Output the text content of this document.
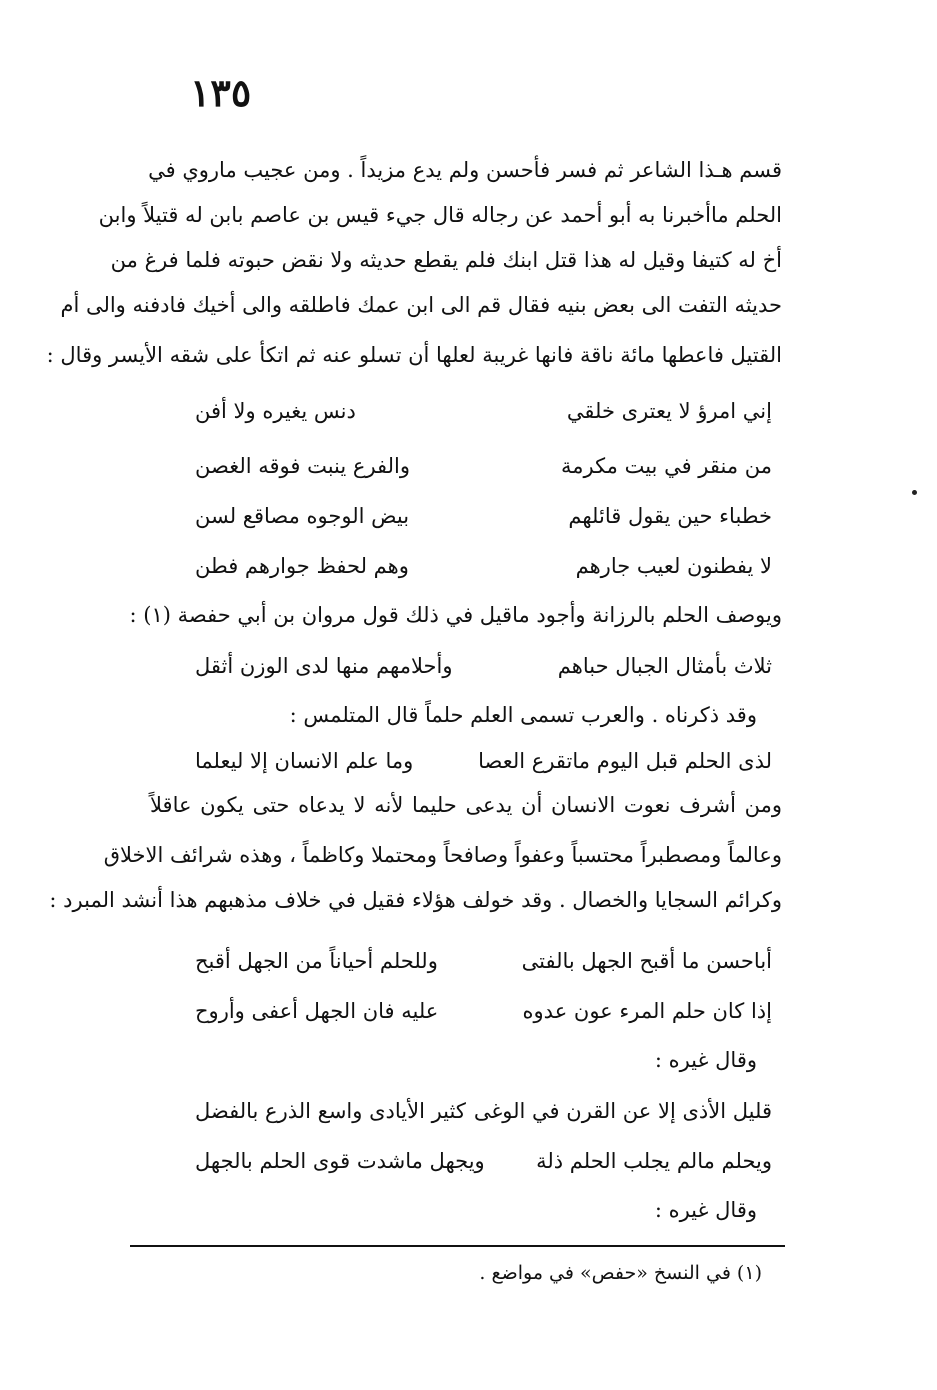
١٣٥
قسم هـذا الشاعر ثم فسر فأحسن ولم يدع مزيداً . ومن عجيب ماروي في
الحلم ماأخبرنا به أبو أحمد عن رجاله قال جيء قيس بن عاصم بابن له قتيلاً وابن
أخ له كتيفا وقيل له هذا قتل ابنك فلم يقطع حديثه ولا نقض حبوته فلما فرغ من
حديثه التفت الى بعض بنيه فقال قم الى ابن عمك فاطلقه والى أخيك فادفنه والى أم
القتيل فاعطها مائة ناقة فانها غريبة لعلها أن تسلو عنه ثم اتكأ على شقه الأيسر وقال :
إني امرؤ لا يعترى خلقي
دنس يغيره ولا أفن
من منقر في بيت مكرمة
والفرع ينبت فوقه الغصن
خطباء حين يقول قائلهم
بيض الوجوه مصاقع لسن
لا يفطنون لعيب جارهم
وهم لحفظ جوارهم فطن
ويوصف الحلم بالرزانة وأجود ماقيل في ذلك قول مروان بن أبي حفصة (١) :
ثلاث بأمثال الجبال حباهم
وأحلامهم منها لدى الوزن أثقل
وقد ذكرناه . والعرب تسمى العلم حلماً قال المتلمس :
لذى الحلم قبل اليوم ماتقرع العصا
وما علم الانسان إلا ليعلما
ومن أشرف نعوت الانسان أن يدعى حليما لأنه لا يدعاه حتى يكون عاقلاً
وعالماً ومصطبراً محتسباً وعفواً وصافحاً ومحتملا وكاظماً ، وهذه شرائف الاخلاق
وكرائم السجايا والخصال . وقد خولف هؤلاء فقيل في خلاف مذهبهم هذا أنشد المبرد :
أباحسن ما أقبح الجهل بالفتى
وللحلم أحياناً من الجهل أقبح
إذا كان حلم المرء عون عدوه
عليه فان الجهل أعفى وأروح
وقال غيره :
قليل الأذى إلا عن القرن في الوغى
كثير الأيادى واسع الذرع بالفضل
ويحلم مالم يجلب الحلم ذلة
ويجهل ماشدت قوى الحلم بالجهل
وقال غيره :
(١) في النسخ «حفص» في مواضع .
